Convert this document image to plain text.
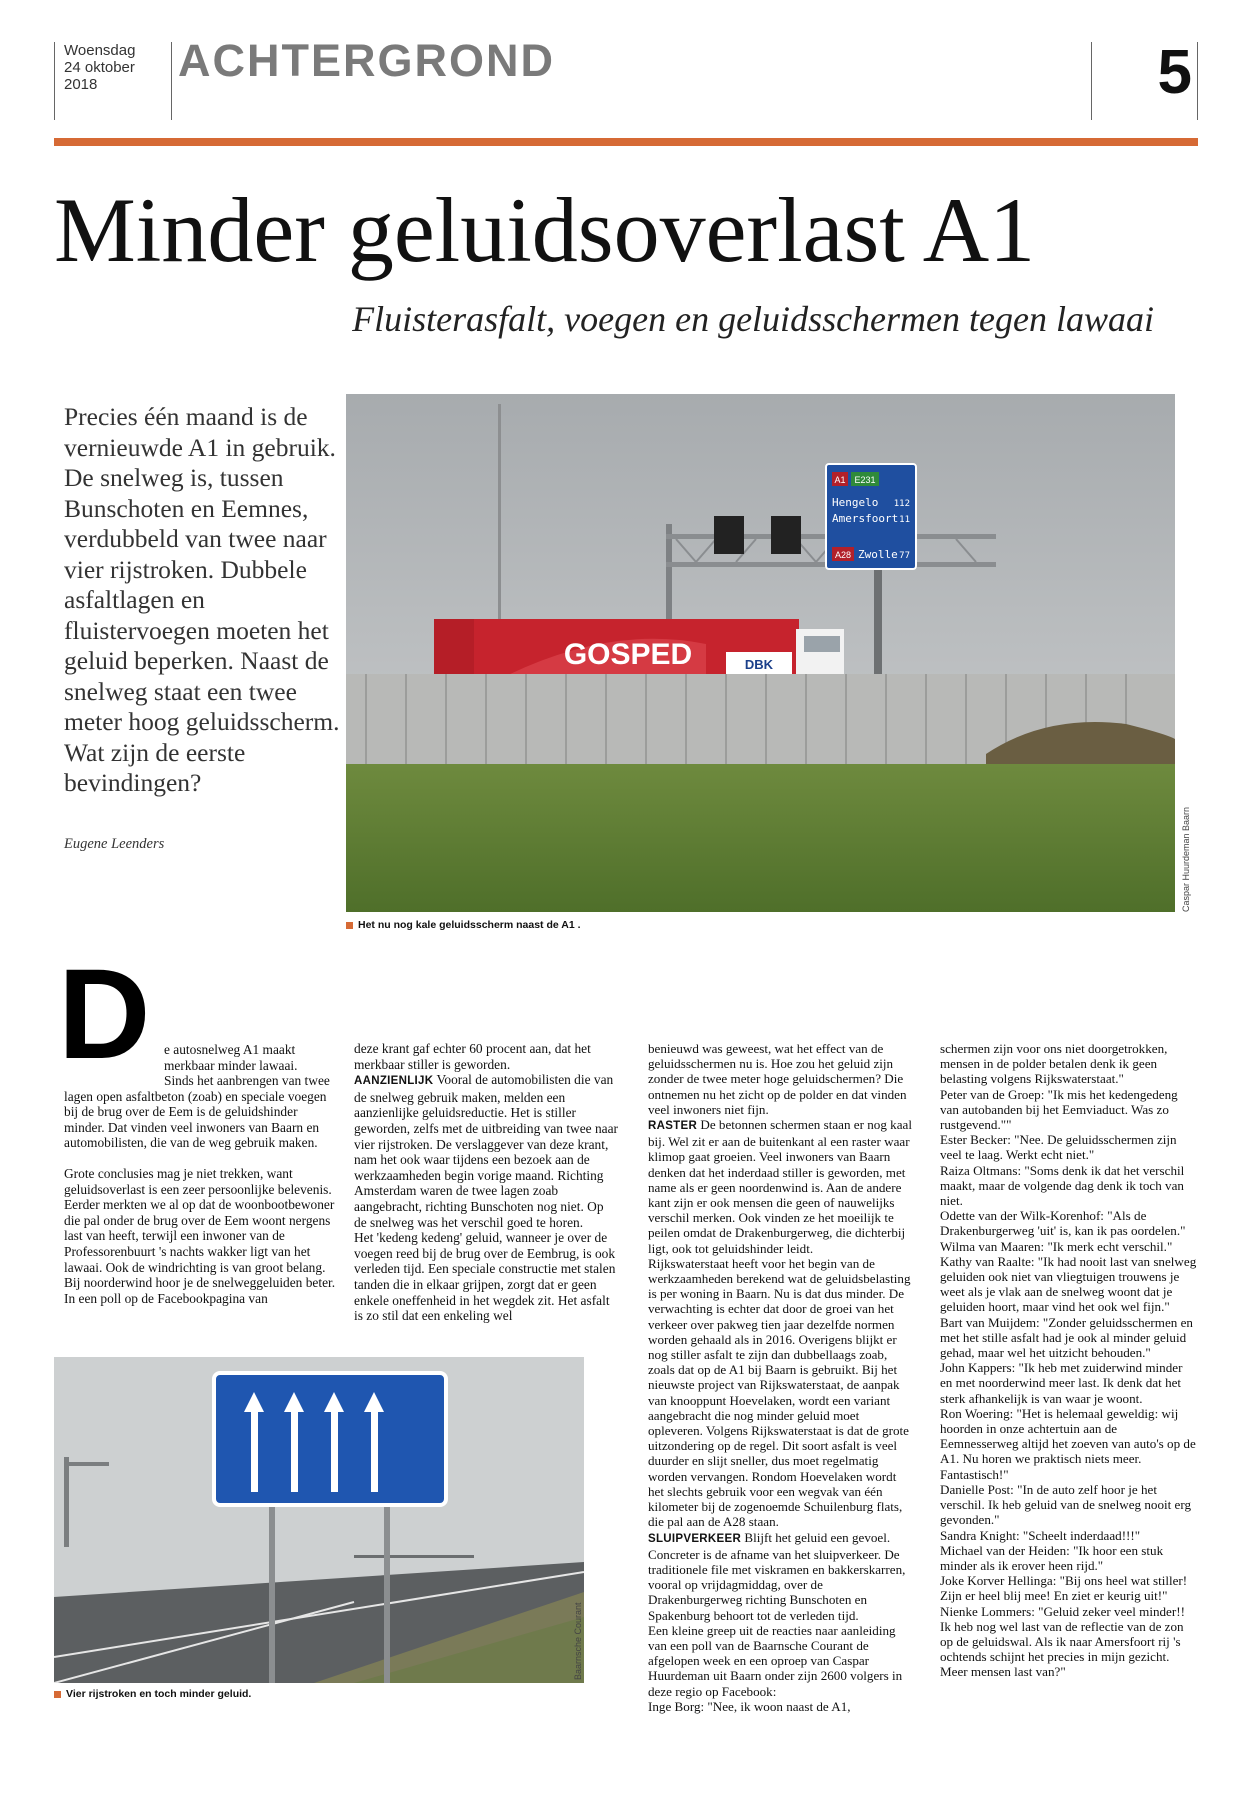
Woensdag
24 oktober
2018	ACHTERGROND	5
Minder geluidsoverlast A1
Fluisterasfalt, voegen en geluidsschermen tegen lawaai
Precies één maand is de vernieuwde A1 in gebruik. De snelweg is, tussen Bunschoten en Eemnes, verdubbeld van twee naar vier rijstroken. Dubbele asfaltlagen en fluistervoegen moeten het geluid beperken. Naast de snelweg staat een twee meter hoog geluidsscherm. Wat zijn de eerste bevindingen?
Eugene Leenders
A1 E231
Hengelo 112
Amersfoort 11
A28 Zwolle 77
DBK
GOSPED
Caspar Huurdeman Baarn
Het nu nog kale geluidsscherm naast de A1 .
D e autosnelweg A1 maakt

merkbaar minder lawaai.

Sinds het aanbrengen van twee lagen open asfaltbeton (zoab) en speciale voegen bij de brug over de Eem is de geluidshinder minder. Dat vinden veel inwoners van Baarn en automobilisten, die van de weg gebruik maken.

Grote conclusies mag je niet trekken, want geluidsoverlast is een zeer persoonlijke belevenis. Eerder merkten we al op dat de woonbootbewoner die pal onder de brug over de Eem woont nergens last van heeft, terwijl een inwoner van de Professorenbuurt 's nachts wakker ligt van het lawaai. Ook de windrichting is van groot belang. Bij noorderwind hoor je de snelweggeluiden beter. In een poll op de Facebookpagina van

deze krant gaf echter 60 procent aan, dat het merkbaar stiller is geworden.

AANZIENLIJK Vooral de automobilisten die van de snelweg gebruik maken, melden een aanzienlijke geluidsreductie. Het is stiller geworden, zelfs met de uitbreiding van twee naar vier rijstroken. De verslaggever van deze krant, nam het ook waar tijdens een bezoek aan de werkzaamheden begin vorige maand. Richting Amsterdam waren de twee lagen zoab aangebracht, richting Bunschoten nog niet. Op de snelweg was het verschil goed te horen.

Het 'kedeng kedeng' geluid, wanneer je over de voegen reed bij de brug over de Eembrug, is ook verleden tijd. Een speciale constructie met stalen tanden die in elkaar grijpen, zorgt dat er geen enkele oneffenheid in het wegdek zit. Het asfalt is zo stil dat een enkeling wel

Baarnsche Courant
Vier rijstroken en toch minder geluid.

benieuwd was geweest, wat het effect van de geluidsschermen nu is. Hoe zou het geluid zijn zonder de twee meter hoge geluidschermen? Die ontnemen nu het zicht op de polder en dat vinden veel inwoners niet fijn.

RASTER De betonnen schermen staan er nog kaal bij. Wel zit er aan de buitenkant al een raster waar klimop gaat groeien. Veel inwoners van Baarn denken dat het inderdaad stiller is geworden, met name als er geen noordenwind is. Aan de andere kant zijn er ook mensen die geen of nauwelijks verschil merken. Ook vinden ze het moeilijk te peilen omdat de Drakenburgerweg, die dichterbij ligt, ook tot geluidshinder leidt.

Rijkswaterstaat heeft voor het begin van de werkzaamheden berekend wat de geluidsbelasting is per woning in Baarn. Nu is dat dus minder. De verwachting is echter dat door de groei van het verkeer over pakweg tien jaar dezelfde normen worden gehaald als in 2016. Overigens blijkt er nog stiller asfalt te zijn dan dubbellaags zoab, zoals dat op de A1 bij Baarn is gebruikt. Bij het nieuwste project van Rijkswaterstaat, de aanpak van knooppunt Hoevelaken, wordt een variant aangebracht die nog minder geluid moet opleveren. Volgens Rijkswaterstaat is dat de grote uitzondering op de regel. Dit soort asfalt is veel duurder en slijt sneller, dus moet regelmatig worden vervangen. Rondom Hoevelaken wordt het slechts gebruik voor een wegvak van één kilometer bij de zogenoemde Schuilenburg flats, die pal aan de A28 staan.

SLUIPVERKEER Blijft het geluid een gevoel. Concreter is de afname van het sluipverkeer. De traditionele file met viskramen en bakkerskarren, vooral op vrijdagmiddag, over de Drakenburgerweg richting Bunschoten en Spakenburg behoort tot de verleden tijd.

Een kleine greep uit de reacties naar aanleiding van een poll van de Baarnsche Courant de afgelopen week en een oproep van Caspar Huurdeman uit Baarn onder zijn 2600 volgers in deze regio op Facebook:

Inge Borg: "Nee, ik woon naast de A1,

schermen zijn voor ons niet doorgetrokken, mensen in de polder betalen denk ik geen belasting volgens Rijkswaterstaat."

Peter van de Groep: "Ik mis het kedengedeng van autobanden bij het Eemviaduct. Was zo rustgevend.""

Ester Becker: "Nee. De geluidsschermen zijn veel te laag. Werkt echt niet."

Raiza Oltmans: "Soms denk ik dat het verschil maakt, maar de volgende dag denk ik toch van niet.

Odette van der Wilk-Korenhof: "Als de Drakenburgerweg 'uit' is, kan ik pas oordelen."

Wilma van Maaren: "Ik merk echt verschil."

Kathy van Raalte: "Ik had nooit last van snelweg geluiden ook niet van vliegtuigen trouwens je weet als je vlak aan de snelweg woont dat je geluiden hoort, maar vind het ook wel fijn."

Bart van Muijdem: "Zonder geluidsschermen en met het stille asfalt had je ook al minder geluid gehad, maar wel het uitzicht behouden."

John Kappers: "Ik heb met zuiderwind minder en met noorderwind meer last. Ik denk dat het sterk afhankelijk is van waar je woont.

Ron Woering: "Het is helemaal geweldig: wij hoorden in onze achtertuin aan de Eemnesserweg altijd het zoeven van auto's op de A1. Nu horen we praktisch niets meer. Fantastisch!"

Danielle Post: "In de auto zelf hoor je het verschil. Ik heb geluid van de snelweg nooit erg gevonden."

Sandra Knight: "Scheelt inderdaad!!!"

Michael van der Heiden: "Ik hoor een stuk minder als ik erover heen rijd."

Joke Korver Hellinga: "Bij ons heel wat stiller! Zijn er heel blij mee! En ziet er keurig uit!"

Nienke Lommers: "Geluid zeker veel minder!! Ik heb nog wel last van de reflectie van de zon op de geluidswal. Als ik naar Amersfoort rij 's ochtends schijnt het precies in mijn gezicht. Meer mensen last van?"
